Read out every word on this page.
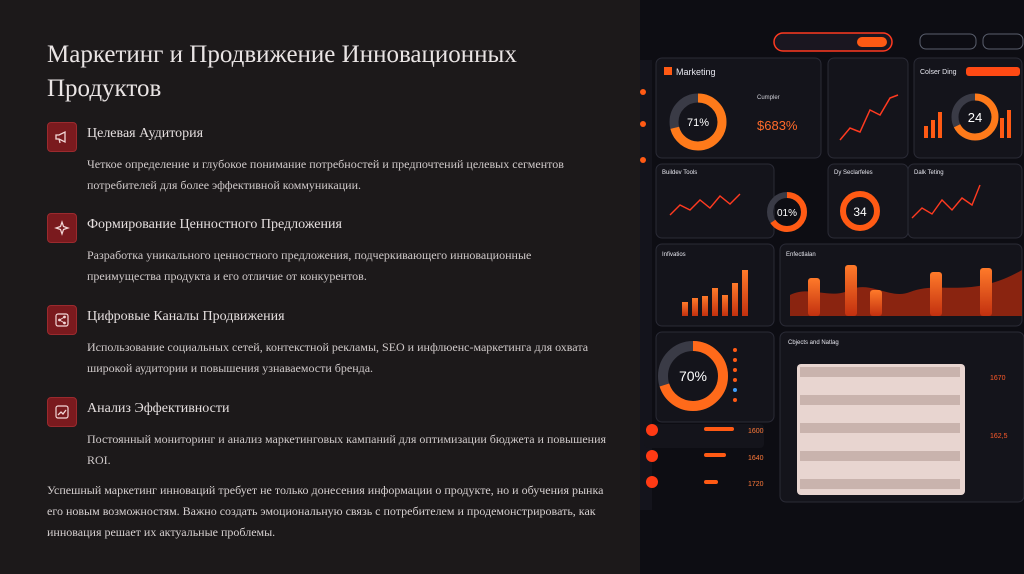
Маркетинг и Продвижение Инновационных Продуктов
Целевая Аудитория
Четкое определение и глубокое понимание потребностей и предпочтений целевых сегментов потребителей для более эффективной коммуникации.
Формирование Ценностного Предложения
Разработка уникального ценностного предложения, подчеркивающего инновационные преимущества продукта и его отличие от конкурентов.
Цифровые Каналы Продвижения
Использование социальных сетей, контекстной рекламы, SEO и инфлюенс-маркетинга для охвата широкой аудитории и повышения узнаваемости бренда.
Анализ Эффективности
Постоянный мониторинг и анализ маркетинговых кампаний для оптимизации бюджета и повышения ROI.
Успешный маркетинг инноваций требует не только донесения информации о продукте, но и обучения рынка его новым возможностям. Важно создать эмоциональную связь с потребителем и продемонстрировать, как инновация решает их актуальные проблемы.
Marketing
71%
Cumpler
$683%
Colser Ding
24
Buildev Tools
01%
Dy Seclarfeles
34
Dalk Teting
Infivatios	Enfectlalan
70%
1600
1640
1720
Cbjects and Natlag
1670
162,5
